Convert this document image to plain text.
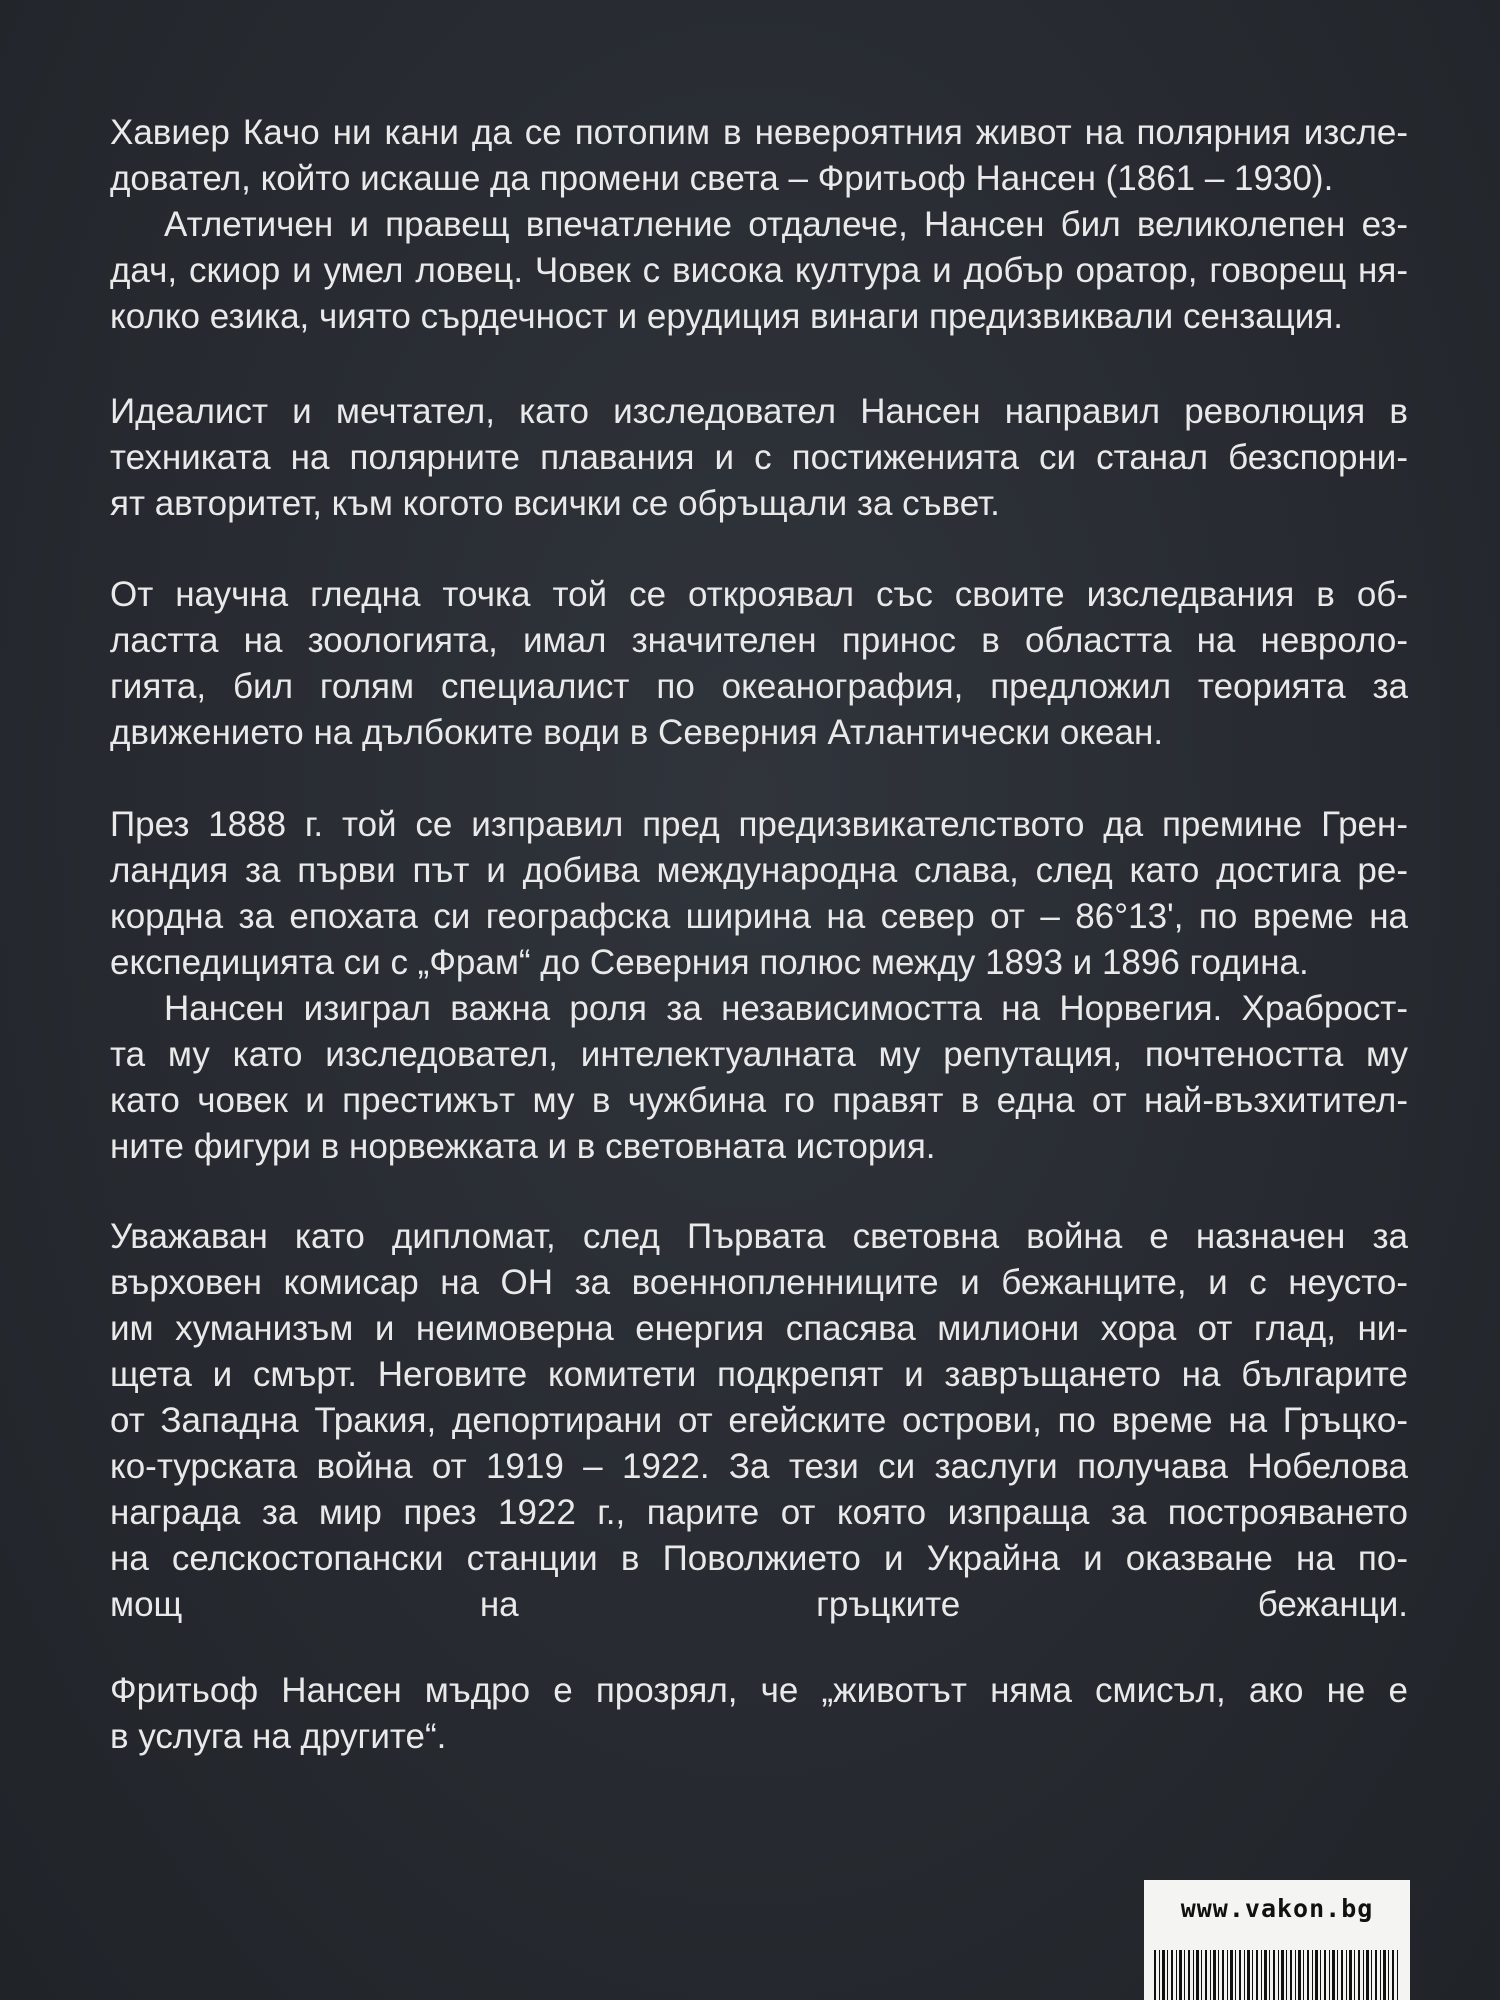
Хавиер Качо ни кани да се потопим в невероятния живот на полярния изсле-
довател, който искаше да промени света – Фритьоф Нансен (1861 – 1930).
Атлетичен и правещ впечатление отдалече, Нансен бил великолепен ез-
дач, скиор и умел ловец. Човек с висока култура и добър оратор, говорещ ня-
колко езика, чиято сърдечност и ерудиция винаги предизвиквали сензация.
Идеалист и мечтател, като изследовател Нансен направил революция в
техниката на полярните плавания и с постиженията си станал безспорни-
ят авторитет, към когото всички се обръщали за съвет.
От научна гледна точка той се откроявал със своите изследвания в об-
ластта на зоологията, имал значителен принос в областта на невроло-
гията, бил голям специалист по океанография, предложил теорията за
движението на дълбоките води в Северния Атлантически океан.
През 1888 г. той се изправил пред предизвикателството да премине Грен-
ландия за първи път и добива международна слава, след като достига ре-
кордна за епохата си географска ширина на север от – 86°13', по време на
експедицията си с „Фрам“ до Северния полюс между 1893 и 1896 година.
Нансен изиграл важна роля за независимостта на Норвегия. Храброст-
та му като изследовател, интелектуалната му репутация, почтеността му
като човек и престижът му в чужбина го правят в една от най-възхитител-
ните фигури в норвежката и в световната история.
Уважаван като дипломат, след Първата световна война е назначен за
върховен комисар на ОН за военнопленниците и бежанците, и с неусто-
им хуманизъм и неимоверна енергия спасява милиони хора от глад, ни-
щета и смърт. Неговите комитети подкрепят и завръщането на българите
от Западна Тракия, депортирани от егейските острови, по време на Гръцко-
ко-турската война от 1919 – 1922. За тези си заслуги получава Нобелова
награда за мир през 1922 г., парите от която изпраща за построяването
на селскостопански станции в Поволжието и Украйна и оказване на по-
мощ на гръцките бежанци.
Фритьоф Нансен мъдро е прозрял, че „животът няма смисъл, ако не е
в услуга на другите“.
www.vakon.bg
